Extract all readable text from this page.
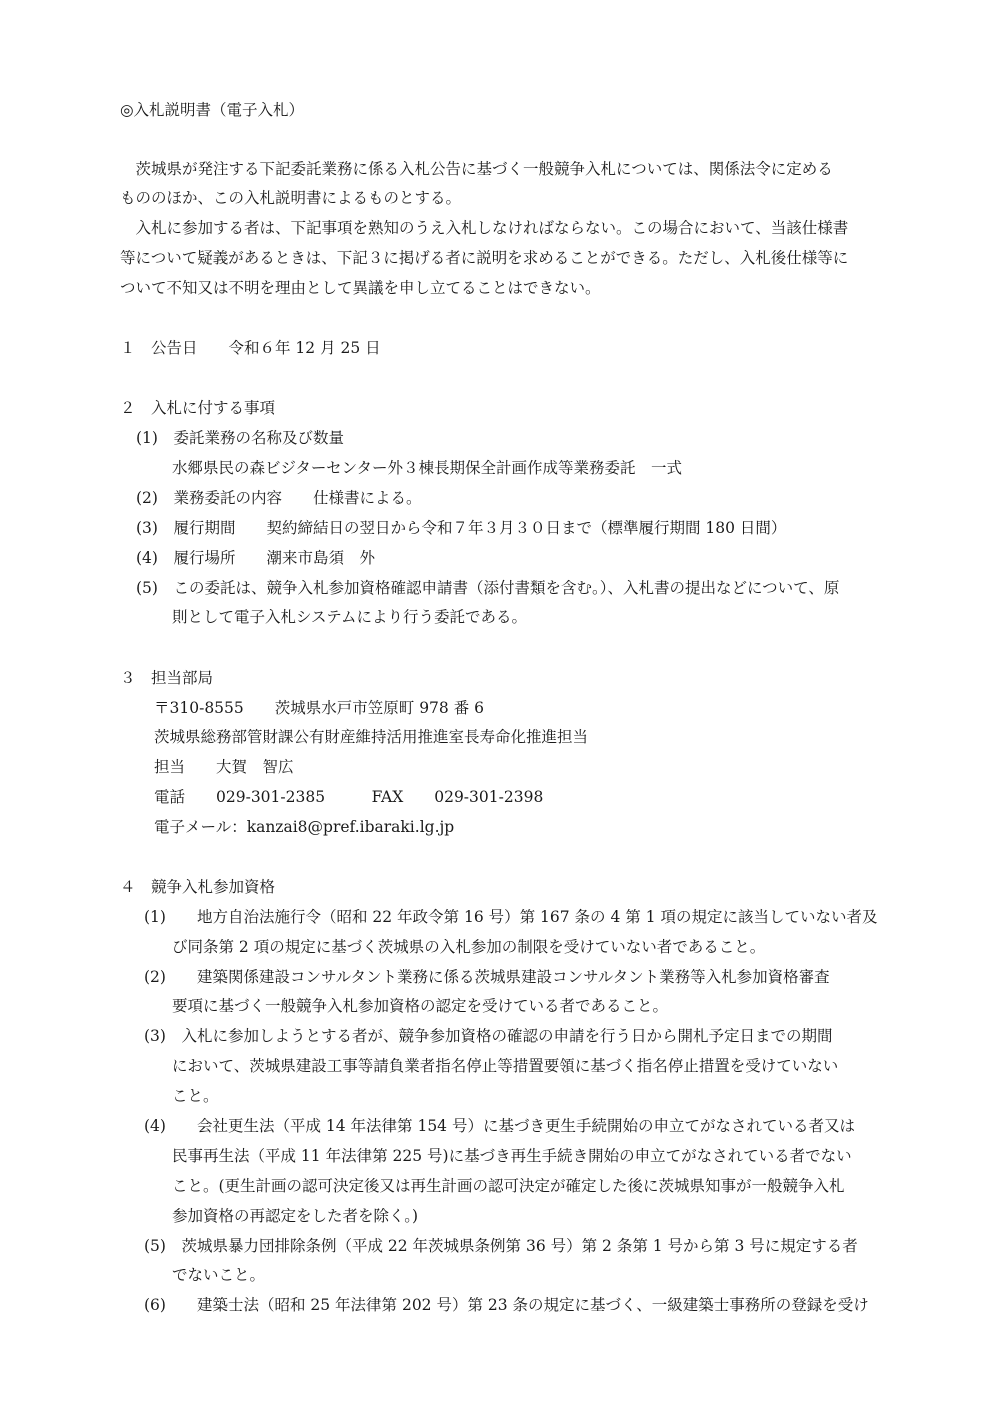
◎入札説明書（電子入札）
　茨城県が発注する下記委託業務に係る入札公告に基づく一般競争入札については、関係法令に定める
もののほか、この入札説明書によるものとする。
　入札に参加する者は、下記事項を熟知のうえ入札しなければならない。この場合において、当該仕様書
等について疑義があるときは、下記３に掲げる者に説明を求めることができる。ただし、入札後仕様等に
ついて不知又は不明を理由として異議を申し立てることはできない。
１　公告日　　令和６年 12 月 25 日
２　入札に付する事項
(1)　委託業務の名称及び数量
水郷県民の森ビジターセンター外３棟長期保全計画作成等業務委託　一式
(2)　業務委託の内容　　仕様書による。
(3)　履行期間　　契約締結日の翌日から令和７年３月３０日まで（標準履行期間 180 日間）
(4)　履行場所　　潮来市島須　外
(5)　この委託は、競争入札参加資格確認申請書（添付書類を含む。）、入札書の提出などについて、原
則として電子入札システムにより行う委託である。
３　担当部局
〒310-8555　　茨城県水戸市笠原町 978 番 6
茨城県総務部管財課公有財産維持活用推進室長寿命化推進担当
担当　　大賀　智広
電話　　029-301-2385　　　FAX　　029-301-2398
電子メール：kanzai8@pref.ibaraki.lg.jp
４　競争入札参加資格
(1)　　地方自治法施行令（昭和 22 年政令第 16 号）第 167 条の 4 第 1 項の規定に該当していない者及
び同条第 2 項の規定に基づく茨城県の入札参加の制限を受けていない者であること。
(2)　　建築関係建設コンサルタント業務に係る茨城県建設コンサルタント業務等入札参加資格審査
要項に基づく一般競争入札参加資格の認定を受けている者であること。
(3)　入札に参加しようとする者が、競争参加資格の確認の申請を行う日から開札予定日までの期間
において、茨城県建設工事等請負業者指名停止等措置要領に基づく指名停止措置を受けていない
こと。
(4)　　会社更生法（平成 14 年法律第 154 号）に基づき更生手続開始の申立てがなされている者又は
民事再生法（平成 11 年法律第 225 号)に基づき再生手続き開始の申立てがなされている者でない
こと。(更生計画の認可決定後又は再生計画の認可決定が確定した後に茨城県知事が一般競争入札
参加資格の再認定をした者を除く。)
(5)　茨城県暴力団排除条例（平成 22 年茨城県条例第 36 号）第 2 条第 1 号から第 3 号に規定する者
でないこと。
(6)　　建築士法（昭和 25 年法律第 202 号）第 23 条の規定に基づく、一級建築士事務所の登録を受け
